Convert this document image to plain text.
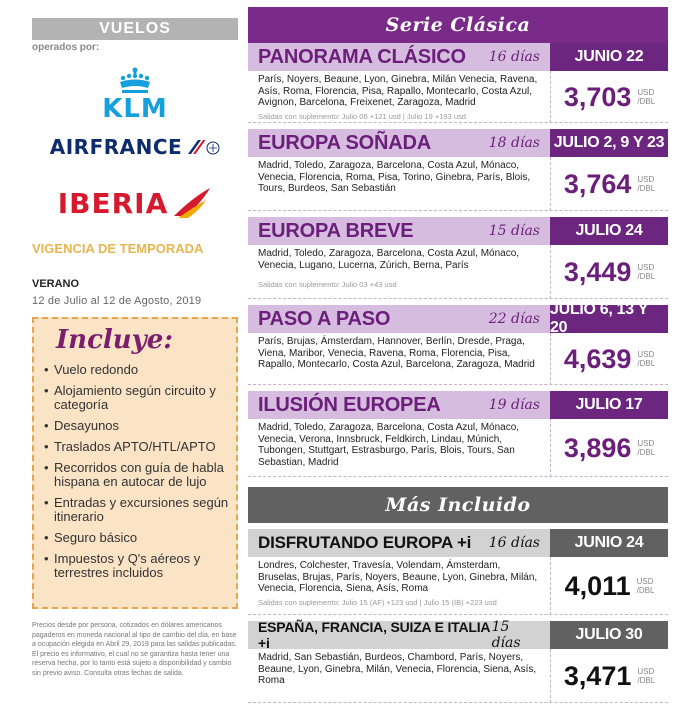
VUELOS
operados por:
KLM
AIRFRANCE
IBERIA
VIGENCIA DE TEMPORADA
VERANO
12 de Julio al 12 de Agosto, 2019
Incluye:
• Vuelo redondo
• Alojamiento según circuito y categoría
• Desayunos
• Traslados APTO/HTL/APTO
• Recorridos con guía de habla hispana en autocar de lujo
• Entradas y excursiones según itinerario
• Seguro básico
• Impuestos y Q's aéreos y terrestres incluidos
Precios desde por persona, cotizados en dólares americanos pagaderos en moneda nacional al tipo de cambio del día, en base a ocupación elegida en Abril 29, 2019 para las salidas publicadas. El precio es informativo, el cual no se garantiza hasta tener una reserva hecha, por lo tanto está sujeto a disponibilidad y cambio sin previo aviso. Consulta otras fechas de salida.
Serie Clásica
PANORAMA CLÁSICO 16 días	JUNIO 22
París, Noyers, Beaune, Lyon, Ginebra, Milán Venecia, Ravena, Asís, Roma, Florencia, Pisa, Rapallo, Montecarlo, Costa Azul, Avignon, Barcelona, Freixenet, Zaragoza, Madrid
Salidas con suplemento: Julio 06 +121 usd | Julio 19 +193 usd
3,703 USD
/DBL
EUROPA SOÑADA	18 días JULIO 2, 9 Y 23
Madrid, Toledo, Zaragoza, Barcelona, Costa Azul, Mónaco, Venecia, Florencia, Roma, Pisa, Torino, Ginebra, París, Blois, Tours, Burdeos, San Sebastián	3,764 USD
/DBL
EUROPA BREVE	15 días	JULIO 24
Madrid, Toledo, Zaragoza, Barcelona, Costa Azul, Mónaco, Venecia, Lugano, Lucerna, Zúrich, Berna, París
Salidas con suplemento: Julio 03 +43 usd	3,449 USD
/DBL
PASO A PASO	22 días
JULIO 6, 13 Y 20
París, Brujas, Ámsterdam, Hannover, Berlín, Dresde, Praga, Viena, Maribor, Venecia, Ravena, Roma, Florencia, Pisa, Rapallo, Montecarlo, Costa Azul, Barcelona, Zaragoza, Madrid 4,639 USD
/DBL
ILUSIÓN EUROPEA	19 días	JULIO 17
Madrid, Toledo, Zaragoza, Barcelona, Costa Azul, Mónaco, Venecia, Verona, Innsbruck, Feldkirch, Lindau, Múnich, Tubongen, Stuttgart, Estrasburgo, París, Blois, Tours, San Sebastian, Madrid	3,896 USD
/DBL
Más Incluido
DISFRUTANDO EUROPA +i 16 días	JUNIO 24
Londres, Colchester, Travesía, Volendam, Ámsterdam, Bruselas, Brujas, París, Noyers, Beaune, Lyon, Ginebra, Milán, Venecia, Florencia, Siena, Asís, Roma
Salidas con suplemento: Julio 15 (AF) +123 usd | Julio 15 (IB) +223 usd
4,011 USD
/DBL
ESPAÑA, FRANCIA, SUIZA E ITALIA +i
15 días	JULIO 30
Madrid, San Sebastián, Burdeos, Chambord, París, Noyers, Beaune, Lyon, Ginebra, Milán, Venecia, Florencia, Siena, Asís, Roma	3,471 USD
/DBL
